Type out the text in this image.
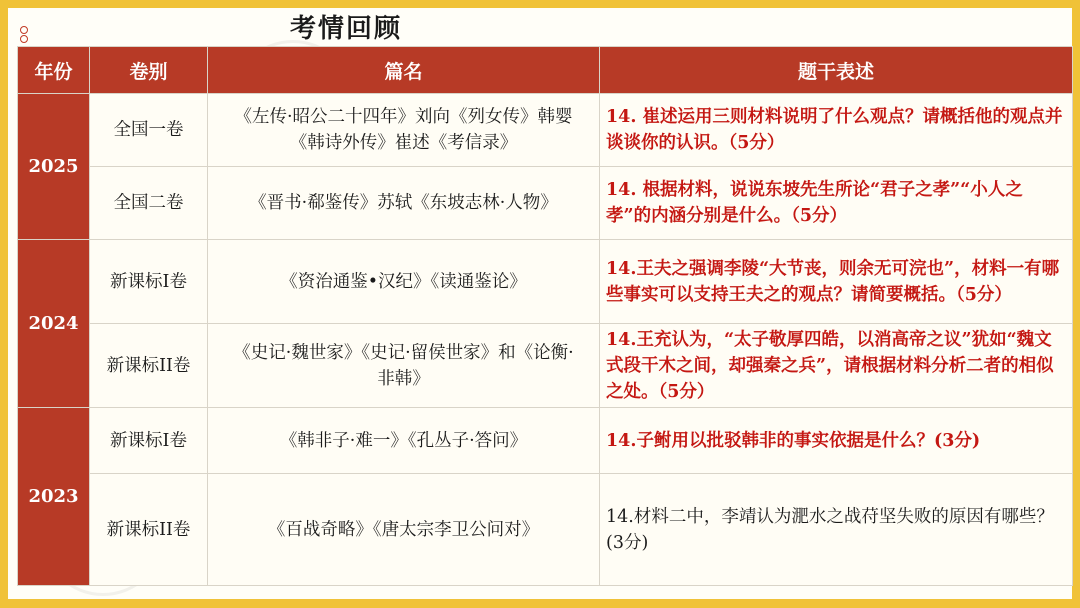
考情回顾
年份	卷别	篇名	题干表述
2025	全国一卷	《左传·昭公二十四年》刘向《列女传》韩婴《韩诗外传》崔述《考信录》	14. 崔述运用三则材料说明了什么观点？请概括他的观点并谈谈你的认识。（5分）
	全国二卷	《晋书·郗鉴传》苏轼《东坡志林·人物》	14. 根据材料，说说东坡先生所论“君子之孝”“小人之孝”的内涵分别是什么。（5分）
2024	新课标I卷	《资治通鉴•汉纪》《读通鉴论》	14.王夫之强调李陵“大节丧，则余无可浣也”，材料一有哪些事实可以支持王夫之的观点？请简要概括。（5分）
	新课标II卷	《史记·魏世家》《史记·留侯世家》和《论衡·非韩》	14.王充认为，“太子敬厚四皓，以消高帝之议”犹如“魏文式段干木之间，却强秦之兵”，请根据材料分析二者的相似之处。（5分）
2023	新课标I卷	《韩非子·难一》《孔丛子·答问》	14.子鲋用以批驳韩非的事实依据是什么？(3分)
	新课标II卷	《百战奇略》《唐太宗李卫公问对》	14.材料二中，李靖认为淝水之战苻坚失败的原因有哪些？(3分)
